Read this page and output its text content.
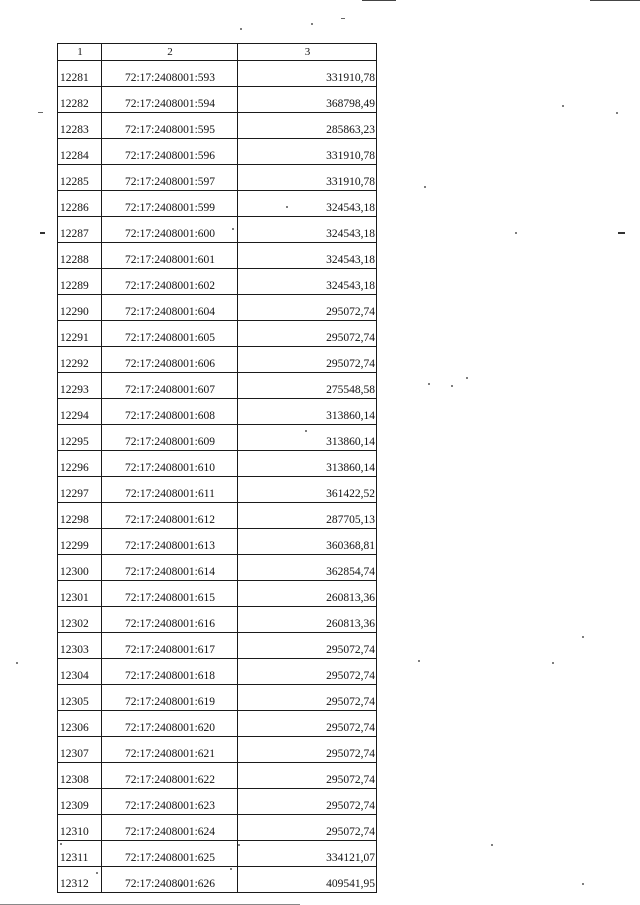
1	2	3
12281	72:17:2408001:593	331910,78
12282	72:17:2408001:594	368798,49
12283	72:17:2408001:595	285863,23
12284	72:17:2408001:596	331910,78
12285	72:17:2408001:597	331910,78
12286	72:17:2408001:599	324543,18
12287	72:17:2408001:600	324543,18
12288	72:17:2408001:601	324543,18
12289	72:17:2408001:602	324543,18
12290	72:17:2408001:604	295072,74
12291	72:17:2408001:605	295072,74
12292	72:17:2408001:606	295072,74
12293	72:17:2408001:607	275548,58
12294	72:17:2408001:608	313860,14
12295	72:17:2408001:609	313860,14
12296	72:17:2408001:610	313860,14
12297	72:17:2408001:611	361422,52
12298	72:17:2408001:612	287705,13
12299	72:17:2408001:613	360368,81
12300	72:17:2408001:614	362854,74
12301	72:17:2408001:615	260813,36
12302	72:17:2408001:616	260813,36
12303	72:17:2408001:617	295072,74
12304	72:17:2408001:618	295072,74
12305	72:17:2408001:619	295072,74
12306	72:17:2408001:620	295072,74
12307	72:17:2408001:621	295072,74
12308	72:17:2408001:622	295072,74
12309	72:17:2408001:623	295072,74
12310	72:17:2408001:624	295072,74
12311	72:17:2408001:625	334121,07
12312	72:17:2408001:626	409541,95
